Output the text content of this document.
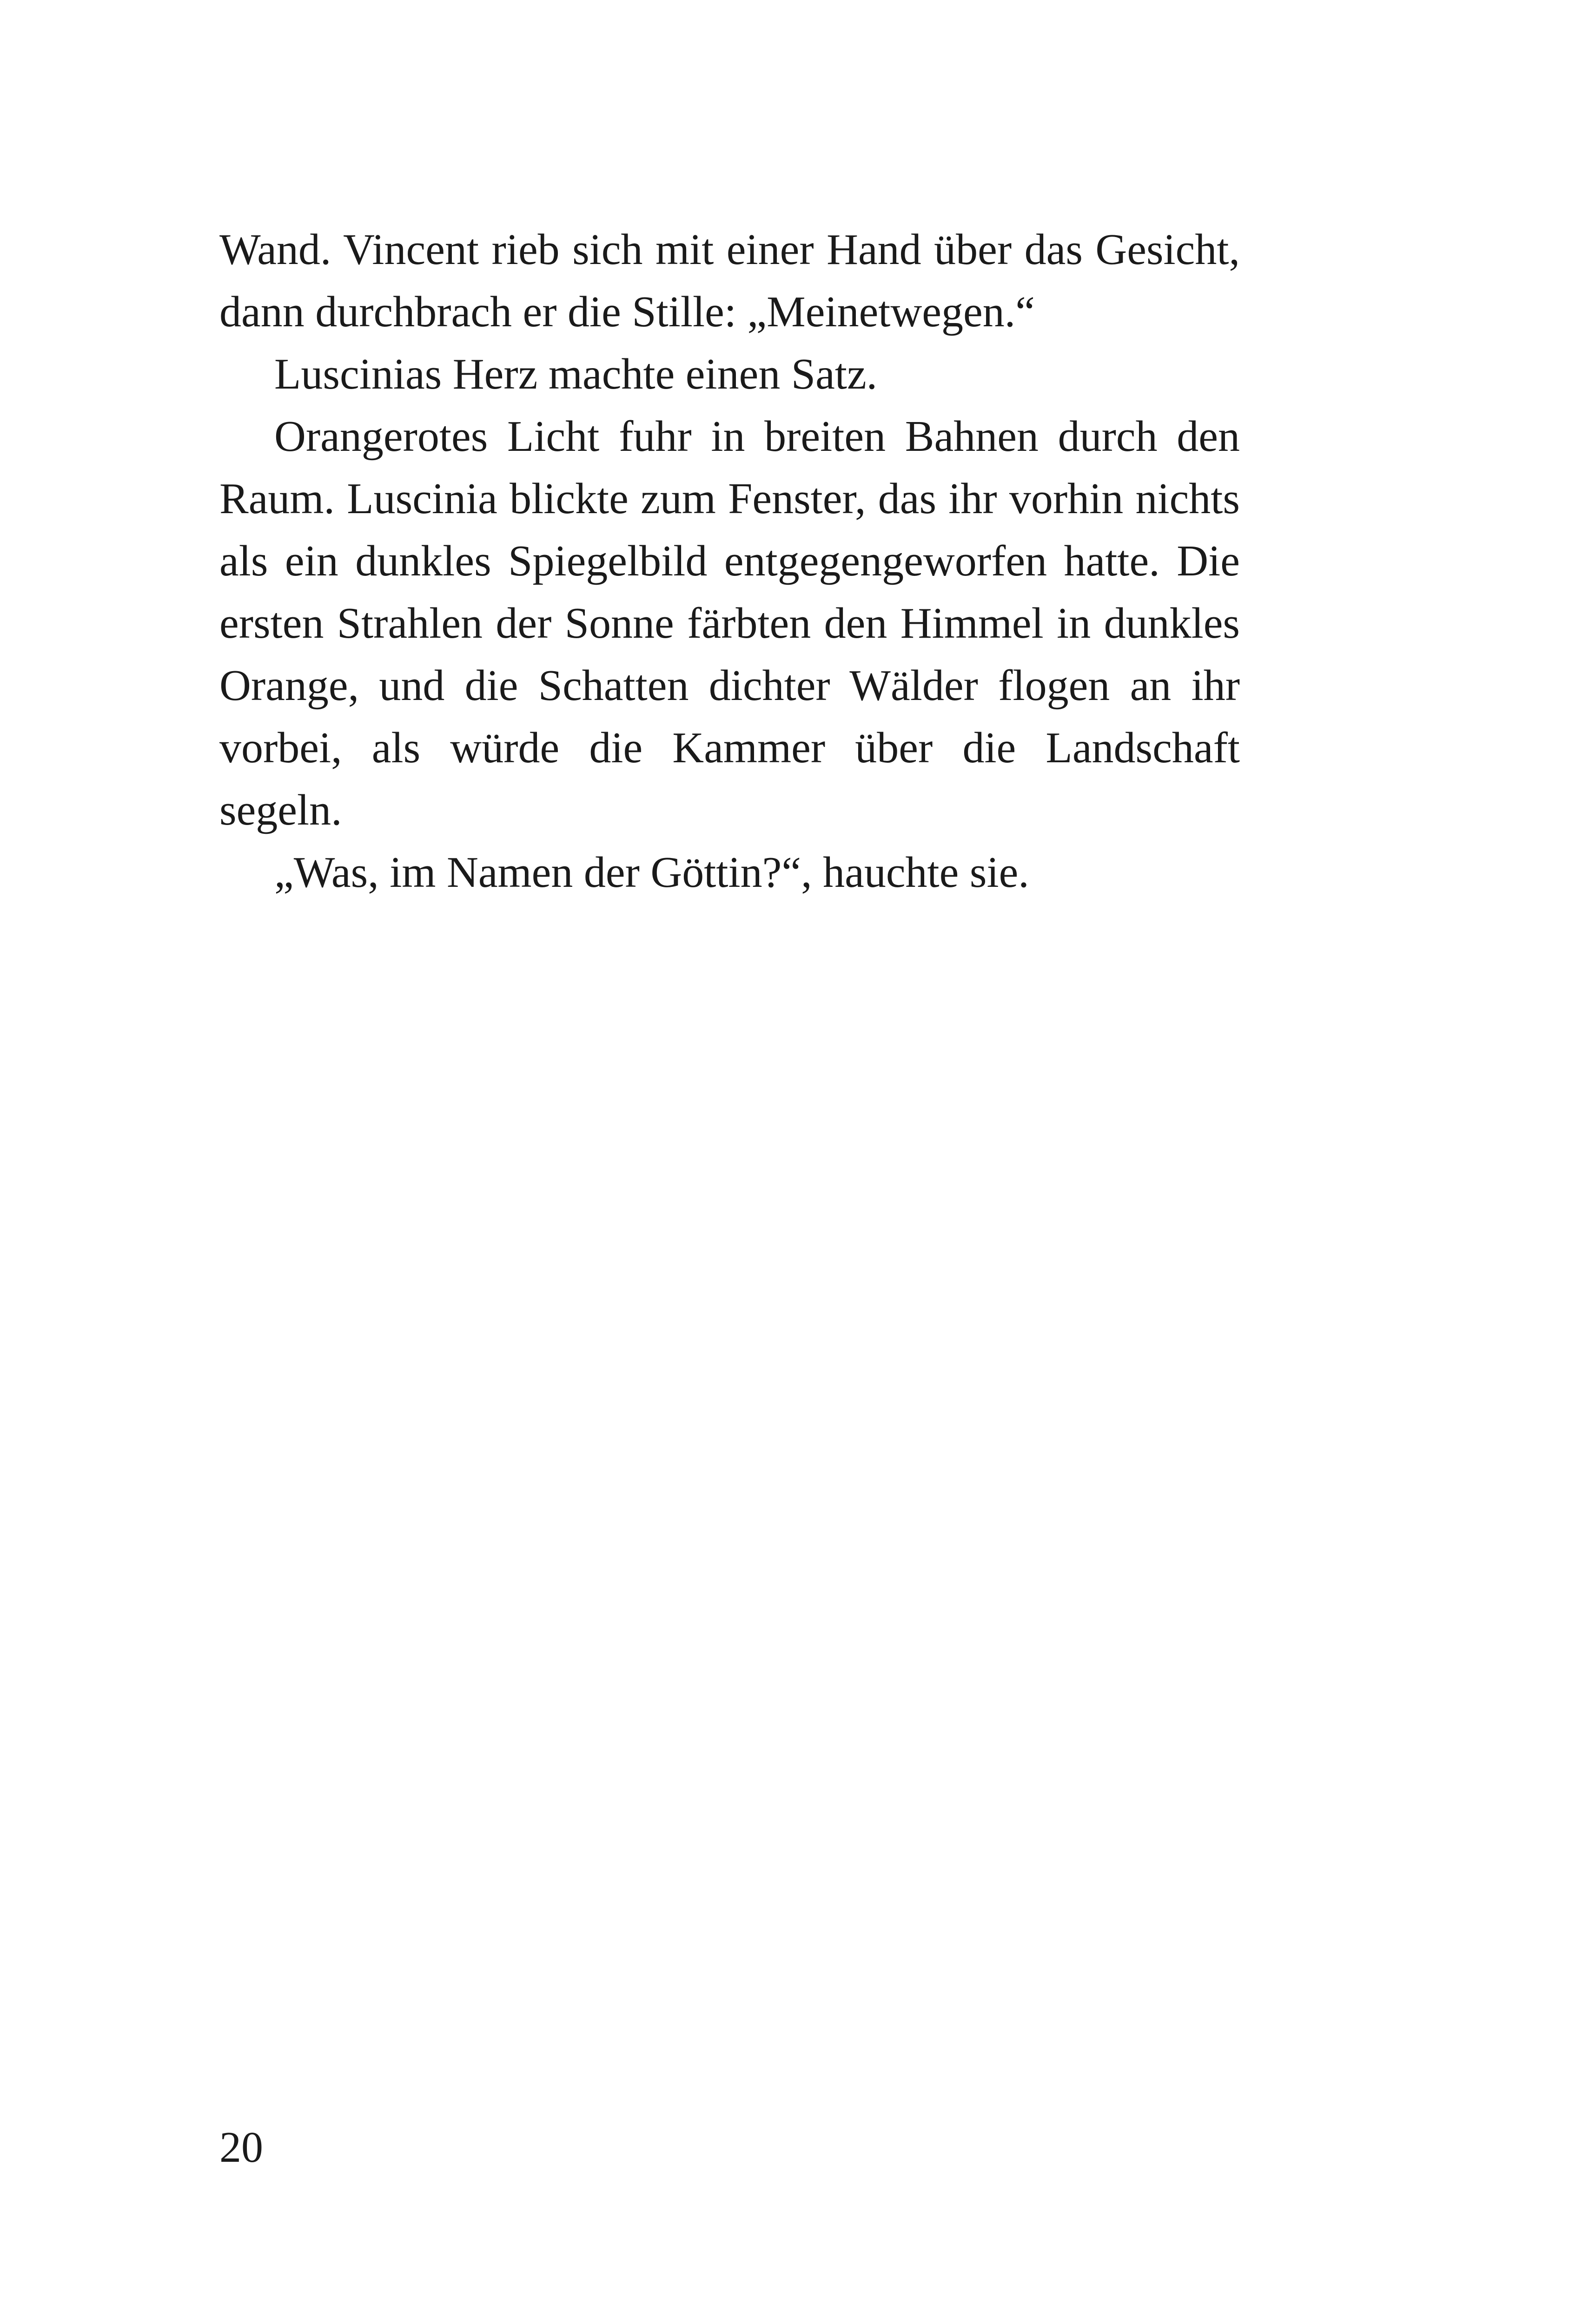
Wand. Vincent rieb sich mit einer Hand über das Gesicht, dann durchbrach er die Stille: „Meinetwegen.“

Luscinias Herz machte einen Satz.

Orangerotes Licht fuhr in breiten Bahnen durch den Raum. Luscinia blickte zum Fenster, das ihr vorhin nichts als ein dunkles Spiegelbild entgegengeworfen hatte. Die ersten Strahlen der Sonne färbten den Himmel in dunkles Orange, und die Schatten dichter Wälder flogen an ihr vorbei, als würde die Kammer über die Landschaft segeln.

„Was, im Namen der Göttin?“, hauchte sie.

20
